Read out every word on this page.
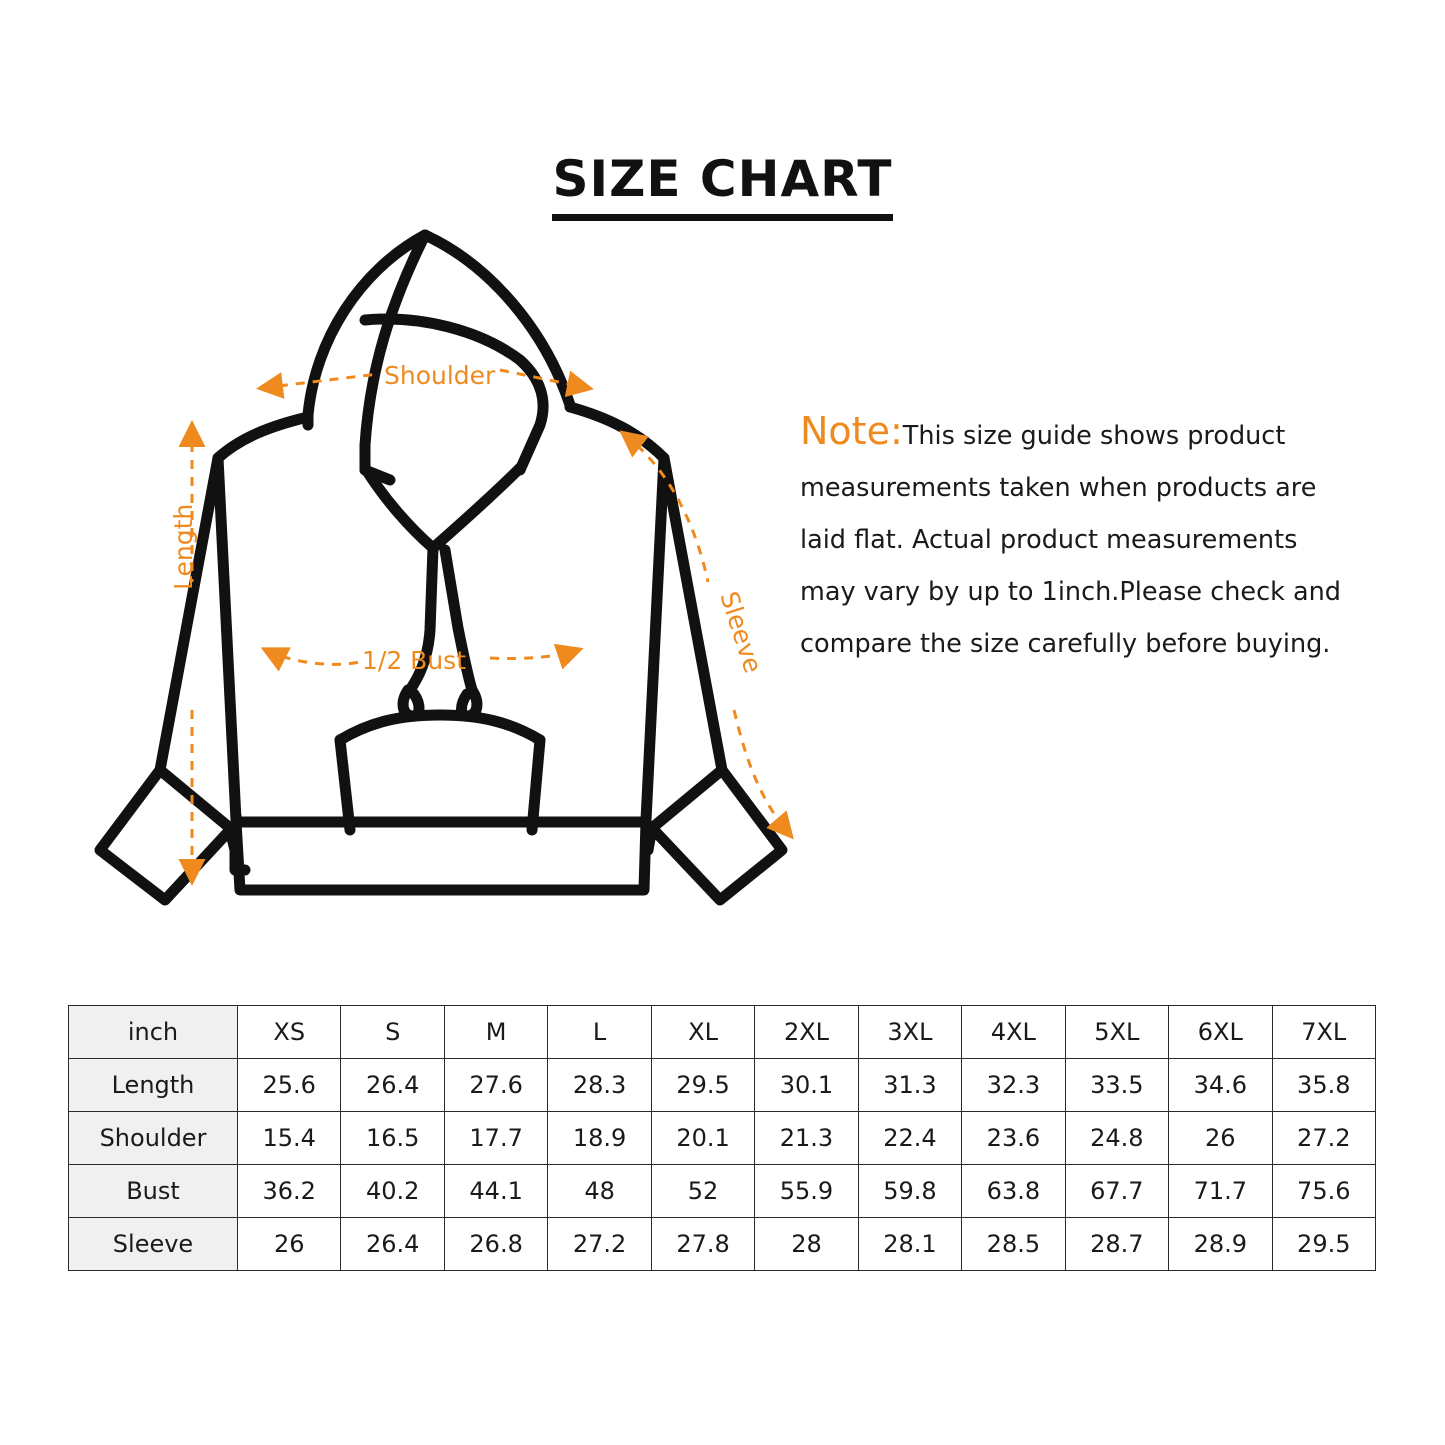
SIZE CHART
Shoulder
Length
1/2 Bust	Sleeve
Note:This size guide shows product
measurements taken when products are
laid flat. Actual product measurements
may vary by up to 1inch.Please check and
compare the size carefully before buying.
inch	XS	S	M	L	XL	2XL	3XL	4XL	5XL	6XL	7XL
Length	25.6	26.4	27.6	28.3	29.5	30.1	31.3	32.3	33.5	34.6	35.8
Shoulder	15.4	16.5	17.7	18.9	20.1	21.3	22.4	23.6	24.8	26	27.2
Bust	36.2	40.2	44.1	48	52	55.9	59.8	63.8	67.7	71.7	75.6
Sleeve	26	26.4	26.8	27.2	27.8	28	28.1	28.5	28.7	28.9	29.5
